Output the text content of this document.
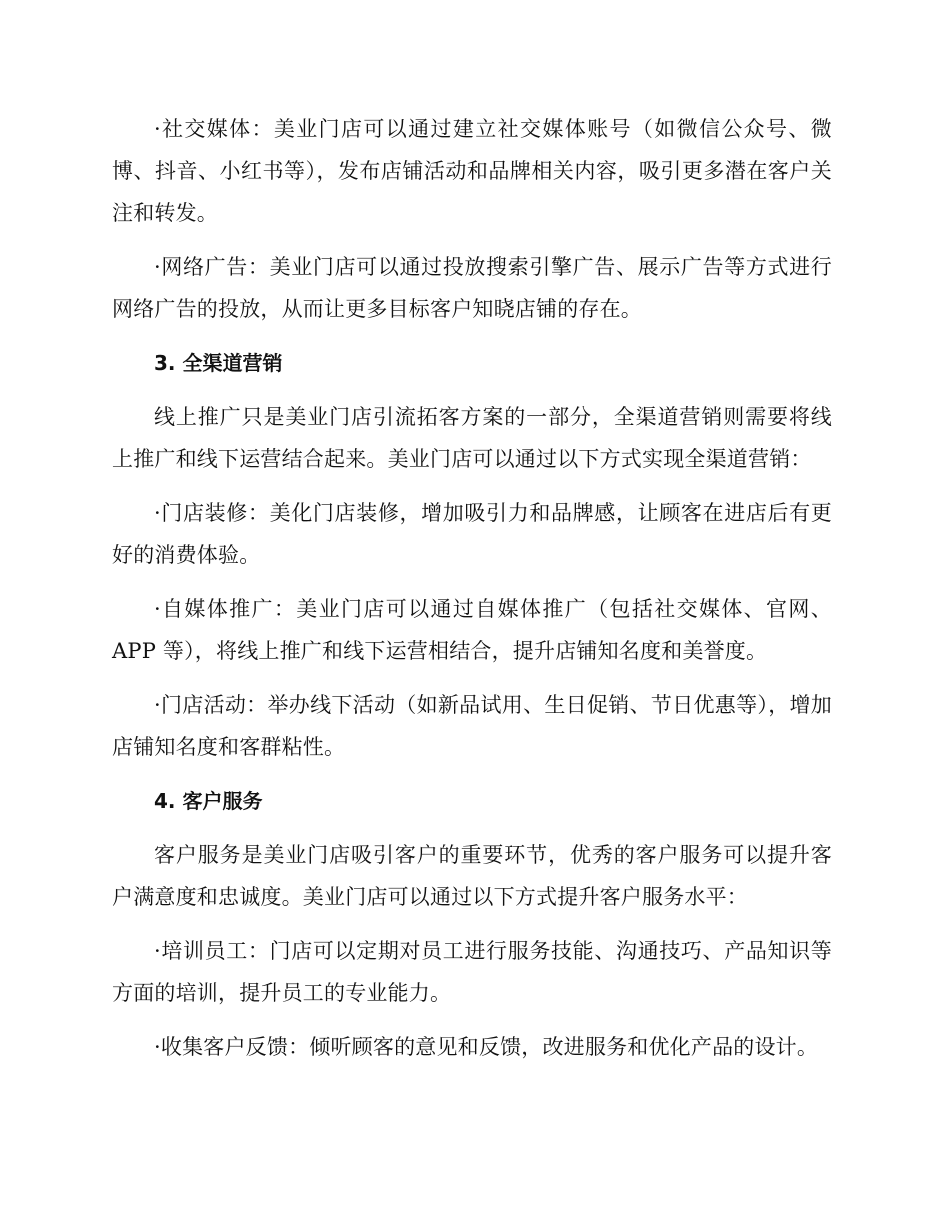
·社交媒体：美业门店可以通过建立社交媒体账号（如微信公众号、微博、抖音、小红书等），发布店铺活动和品牌相关内容，吸引更多潜在客户关注和转发。

·网络广告：美业门店可以通过投放搜索引擎广告、展示广告等方式进行网络广告的投放，从而让更多目标客户知晓店铺的存在。

3. 全渠道营销

线上推广只是美业门店引流拓客方案的一部分，全渠道营销则需要将线上推广和线下运营结合起来。美业门店可以通过以下方式实现全渠道营销：

·门店装修：美化门店装修，增加吸引力和品牌感，让顾客在进店后有更好的消费体验。

·自媒体推广：美业门店可以通过自媒体推广（包括社交媒体、官网、APP 等），将线上推广和线下运营相结合，提升店铺知名度和美誉度。

·门店活动：举办线下活动（如新品试用、生日促销、节日优惠等），增加店铺知名度和客群粘性。

4. 客户服务

客户服务是美业门店吸引客户的重要环节，优秀的客户服务可以提升客户满意度和忠诚度。美业门店可以通过以下方式提升客户服务水平：

·培训员工：门店可以定期对员工进行服务技能、沟通技巧、产品知识等方面的培训，提升员工的专业能力。

·收集客户反馈：倾听顾客的意见和反馈，改进服务和优化产品的设计。
